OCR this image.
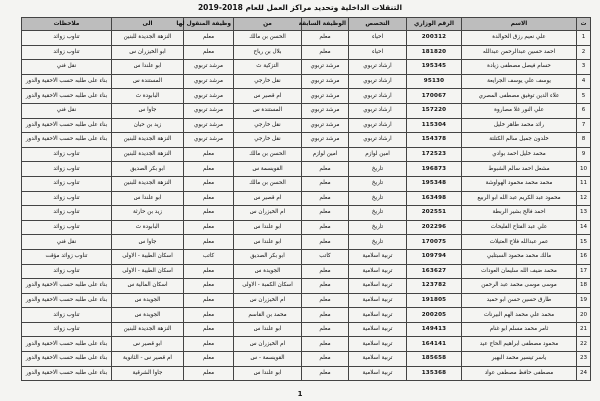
التنقلات الداخلية وتحديد مراكز العمل للعام 2018-2019
ت	الاسم	الرقم الوزاري	التخصص	الوظيفة السابقة	من	وظيفة المنقول لها	الى	ملاحظات
1	علي نعيم رزق الخوالدة	200312	احياء	معلم	الحسن بن مالك	معلم	النزهة الجديدة للبنين	تناوب زوائد
2	احمد حسين عبدالرحمن عبدالله	181820	احياء	معلم	بلال بن رياح	معلم	ابو الخيزران س	تناوب زوائد
3	حسام فيصل مصطفى زيادة	195345	ارشاد تربوي	مرشد تربوي	التزكية ث	مرشد تربوي	ابو علندا س	نقل فني
4	يوسف علي يوسف الجرايعة	95130	ارشاد تربوي	مرشد تربوي	نقل خارجي	مرشد تربوي	المستندة س	بناء على طلبه حسب الاحقية والدور
5	علاء الدين توفيق مصطفى المصري	170067	ارشاد تربوي	مرشد تربوي	ام قصير س	مرشد تربوي	البابودة ث	بناء على طلبه حسب الاحقية والدور
6	علي النور غلا مصاروة	157220	ارشاد تربوي	مرشد تربوي	المستندة س	مرشد تربوي	جاوا س	نقل فني
7	رائد محمد طاهر خليل	115304	ارشاد تربوي	مرشد تربوي	نقل خارجي	مرشد تربوي	زيد بن حيان	بناء على طلبه حسب الاحقية والدور
8	خلدون جميل سالم الكتلتة	154378	ارشاد تربوي	مرشد تربوي	نقل خارجي	مرشد تربوي	النزهة الجديدة للبنين	بناء على طلبه حسب الاحقية والدور
9	محمد خليل احمد بوادي	172523	امين لوازم	امين لوازم	الحسن بن مالك	معلم	النزهة الجديدة للبنين	تناوب زوائد
10	مشعل احمد سالم الشبوط	196873	تاريخ	معلم	القويسمة س	معلم	ابو بكر الصديق	تناوب زوائد
11	محمد محمد محمود الهواوشة	195348	تاريخ	معلم	الحسن بن مالك	معلم	النزهة الجديدة للبنين	تناوب زوائد
12	محمود عبد الكريم عبد الله ابو الربيع	163498	تاريخ	معلم	ام قصير س	معلم	ابو علندا س	تناوب زوائد
13	احمد فالح بشير الربطة	202551	تاريخ	معلم	ام الخيزران س	معلم	زيد بن حارثة	تناوب زوائد
14	علي عبد الفتاح الفليحات	202296	تاريخ	معلم	ابو علندا س	معلم	البابودة ث	تناوب زوائد
15	عمر عبدالله فلاح العتيلات	170075	تاريخ	معلم	ابو علندا س	معلم	جاوا س	نقل فني
16	مالك محمد محمود السبتلبي	109794	تربية اسلامية	كاتب	ابو بكر الصديق	كاتب	اسكان الطيبة - الاولى	تناوب زوائد مؤقت
17	محمد ضيف الله سليمان العودات	163627	تربية اسلامية	معلم	الجويدة س	معلم	اسكان الطيبة - الاولى	تناوب زوائد
18	موسى موسى محمد عبد الرحمن	123782	تربية اسلامية	معلم	اسكان الكمبة - الاولى	معلم	اسكان المالية س	بناء على طلبه حسب الاحقية والدور
19	طارق حسين حسن ابو حميد	191805	تربية اسلامية	معلم	ام الخيزران س	معلم	الجويدة س	بناء على طلبه حسب الاحقية والدور
20	محمد علي محمد الهم البيرنات	200205	تربية اسلامية	معلم	محمد بن القاسم	معلم	الجويدة س	تناوب زوائد
21	ثامر محمد مسلم ابو غنام	149413	تربية اسلامية	معلم	ابو علندا س	معلم	النزهة الجديدة للبنين	تناوب زوائد
22	محمود مصطفى ابراهيم الحاج عيد	164141	تربية اسلامية	معلم	ام الخيزران س	معلم	ابو قصير س	بناء على طلبه حسب الاحقية والدور
23	ياسر تيسير محمد البهير	185658	تربية اسلامية	معلم	القويسمة - س	معلم	ام قصير س - الثانوية	بناء على طلبه حسب الاحقية والدور
24	مصطفى حافظ مصطفى عواد	135368	تربية اسلامية	معلم	ابو علندا س	معلم	جاوا الشرقية	بناء على طلبه حسب الاحقية والدور
1
